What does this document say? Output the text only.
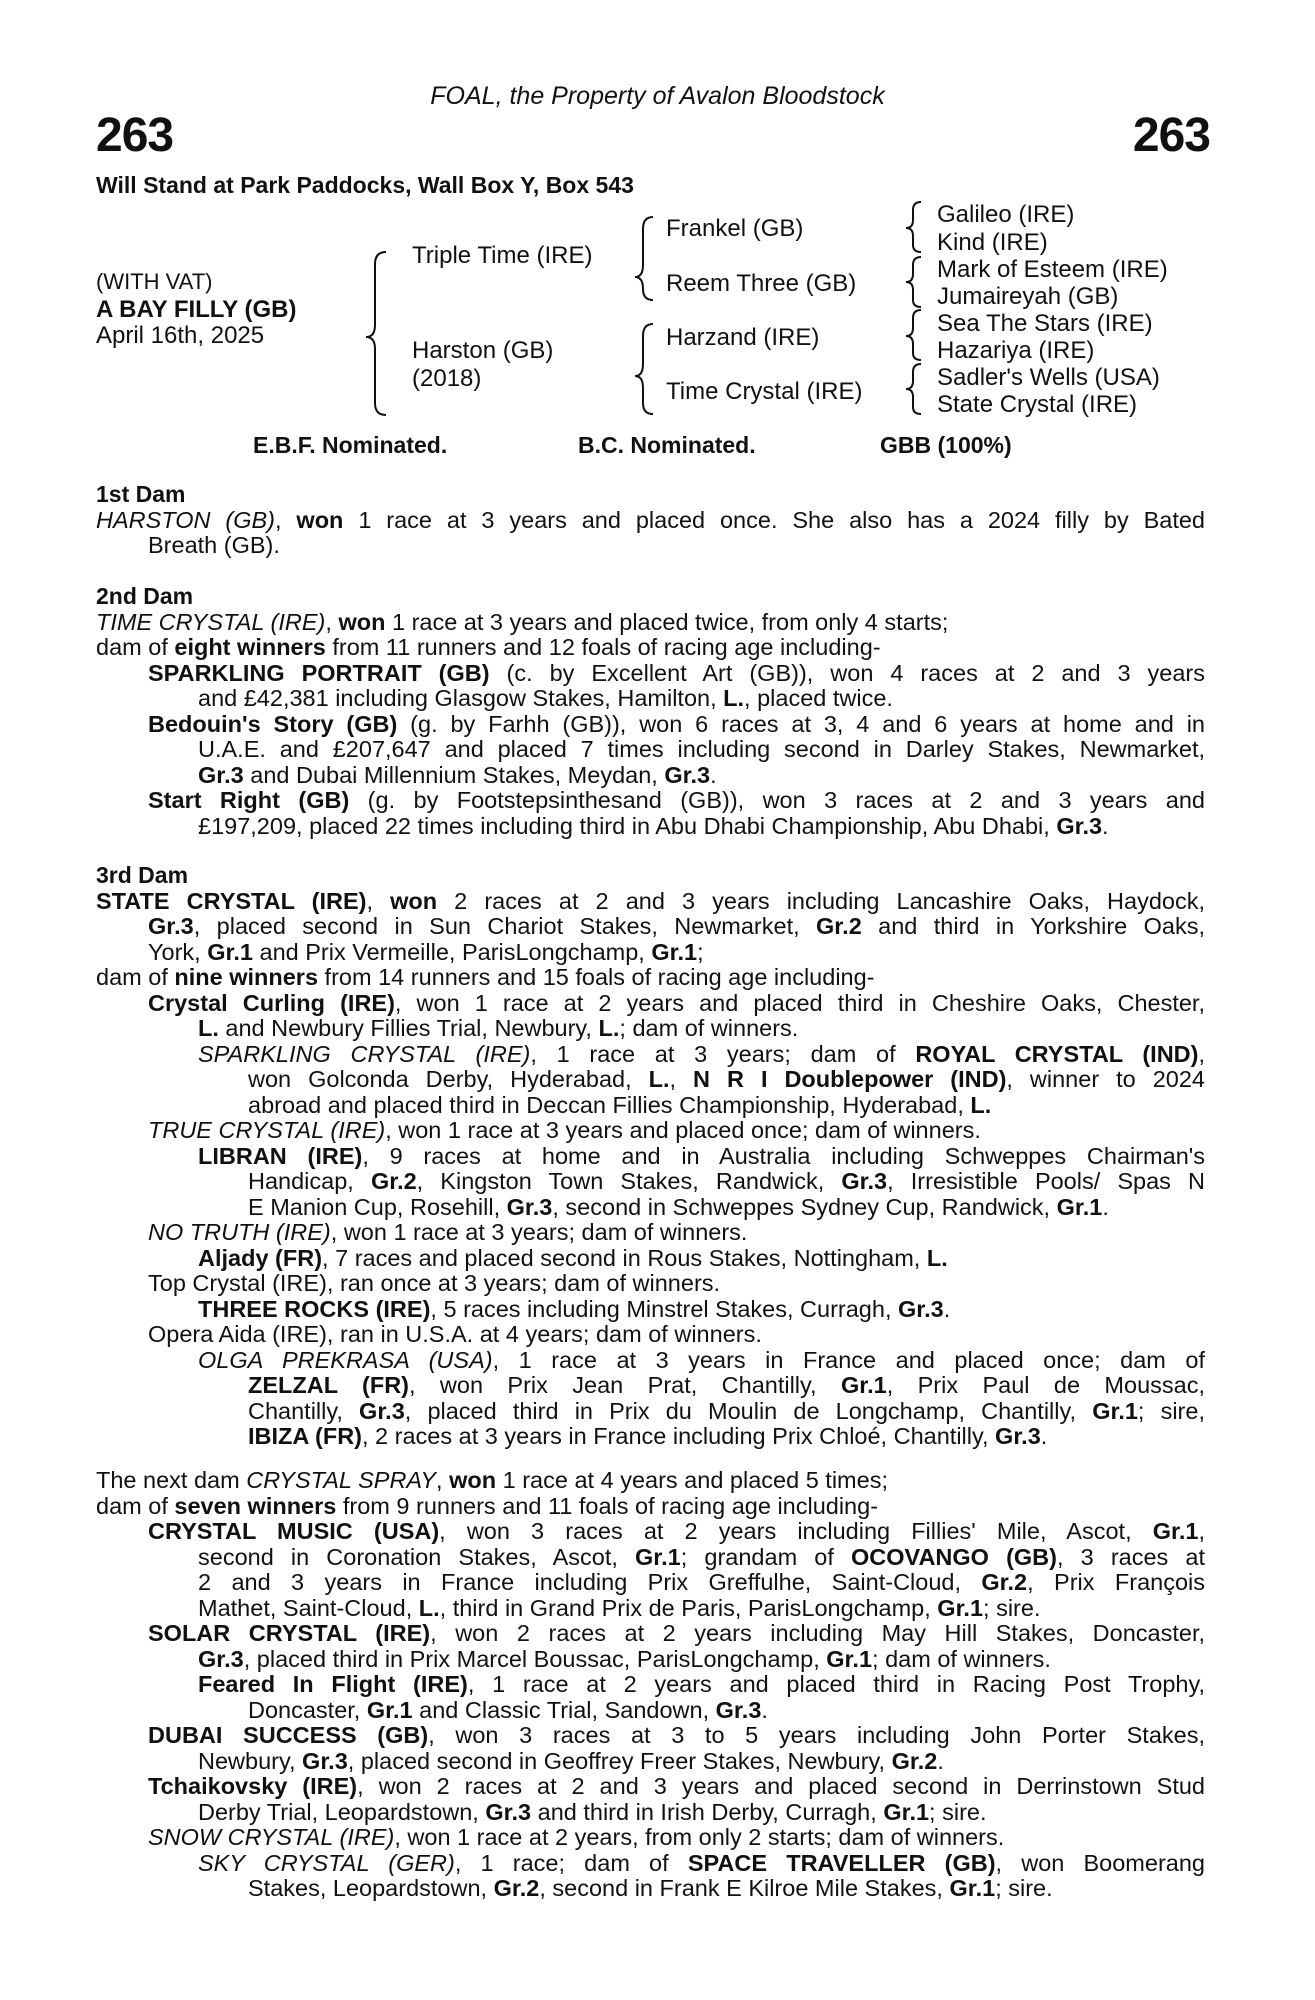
263	263
FOAL, the Property of Avalon Bloodstock
Will Stand at Park Paddocks, Wall Box Y, Box 543
(WITH VAT)
A BAY FILLY (GB)
April 16th, 2025
Triple Time (IRE)
Harston (GB)
(2018)
Frankel (GB)
Reem Three (GB)
Harzand (IRE)
Time Crystal (IRE)
Galileo (IRE)
Kind (IRE)
Mark of Esteem (IRE)
Jumaireyah (GB)
Sea The Stars (IRE)
Hazariya (IRE)
Sadler's Wells (USA)
State Crystal (IRE)
E.B.F. Nominated.	B.C. Nominated.	GBB (100%)

1st Dam

HARSTON (GB), won 1 race at 3 years and placed once. She also has a 2024 filly by Bated

Breath (GB).

2nd Dam

TIME CRYSTAL (IRE), won 1 race at 3 years and placed twice, from only 4 starts;

dam of eight winners from 11 runners and 12 foals of racing age including-

SPARKLING PORTRAIT (GB) (c. by Excellent Art (GB)), won 4 races at 2 and 3 years

and £42,381 including Glasgow Stakes, Hamilton, L., placed twice.

Bedouin's Story (GB) (g. by Farhh (GB)), won 6 races at 3, 4 and 6 years at home and in

U.A.E. and £207,647 and placed 7 times including second in Darley Stakes, Newmarket,

Gr.3 and Dubai Millennium Stakes, Meydan, Gr.3.

Start Right (GB) (g. by Footstepsinthesand (GB)), won 3 races at 2 and 3 years and

£197,209, placed 22 times including third in Abu Dhabi Championship, Abu Dhabi, Gr.3.

3rd Dam

STATE CRYSTAL (IRE), won 2 races at 2 and 3 years including Lancashire Oaks, Haydock,

Gr.3, placed second in Sun Chariot Stakes, Newmarket, Gr.2 and third in Yorkshire Oaks,

York, Gr.1 and Prix Vermeille, ParisLongchamp, Gr.1;

dam of nine winners from 14 runners and 15 foals of racing age including-

Crystal Curling (IRE), won 1 race at 2 years and placed third in Cheshire Oaks, Chester,

L. and Newbury Fillies Trial, Newbury, L.; dam of winners.

SPARKLING CRYSTAL (IRE), 1 race at 3 years; dam of ROYAL CRYSTAL (IND),

won Golconda Derby, Hyderabad, L., N R I Doublepower (IND), winner to 2024

abroad and placed third in Deccan Fillies Championship, Hyderabad, L.

TRUE CRYSTAL (IRE), won 1 race at 3 years and placed once; dam of winners.

LIBRAN (IRE), 9 races at home and in Australia including Schweppes Chairman's

Handicap, Gr.2, Kingston Town Stakes, Randwick, Gr.3, Irresistible Pools/ Spas N

E Manion Cup, Rosehill, Gr.3, second in Schweppes Sydney Cup, Randwick, Gr.1.

NO TRUTH (IRE), won 1 race at 3 years; dam of winners.

Aljady (FR), 7 races and placed second in Rous Stakes, Nottingham, L.

Top Crystal (IRE), ran once at 3 years; dam of winners.

THREE ROCKS (IRE), 5 races including Minstrel Stakes, Curragh, Gr.3.

Opera Aida (IRE), ran in U.S.A. at 4 years; dam of winners.

OLGA PREKRASA (USA), 1 race at 3 years in France and placed once; dam of

ZELZAL (FR), won Prix Jean Prat, Chantilly, Gr.1, Prix Paul de Moussac,

Chantilly, Gr.3, placed third in Prix du Moulin de Longchamp, Chantilly, Gr.1; sire,

IBIZA (FR), 2 races at 3 years in France including Prix Chloé, Chantilly, Gr.3.

The next dam CRYSTAL SPRAY, won 1 race at 4 years and placed 5 times;

dam of seven winners from 9 runners and 11 foals of racing age including-

CRYSTAL MUSIC (USA), won 3 races at 2 years including Fillies' Mile, Ascot, Gr.1,

second in Coronation Stakes, Ascot, Gr.1; grandam of OCOVANGO (GB), 3 races at

2 and 3 years in France including Prix Greffulhe, Saint-Cloud, Gr.2, Prix François

Mathet, Saint-Cloud, L., third in Grand Prix de Paris, ParisLongchamp, Gr.1; sire.

SOLAR CRYSTAL (IRE), won 2 races at 2 years including May Hill Stakes, Doncaster,

Gr.3, placed third in Prix Marcel Boussac, ParisLongchamp, Gr.1; dam of winners.

Feared In Flight (IRE), 1 race at 2 years and placed third in Racing Post Trophy,

Doncaster, Gr.1 and Classic Trial, Sandown, Gr.3.

DUBAI SUCCESS (GB), won 3 races at 3 to 5 years including John Porter Stakes,

Newbury, Gr.3, placed second in Geoffrey Freer Stakes, Newbury, Gr.2.

Tchaikovsky (IRE), won 2 races at 2 and 3 years and placed second in Derrinstown Stud

Derby Trial, Leopardstown, Gr.3 and third in Irish Derby, Curragh, Gr.1; sire.

SNOW CRYSTAL (IRE), won 1 race at 2 years, from only 2 starts; dam of winners.

SKY CRYSTAL (GER), 1 race; dam of SPACE TRAVELLER (GB), won Boomerang

Stakes, Leopardstown, Gr.2, second in Frank E Kilroe Mile Stakes, Gr.1; sire.
